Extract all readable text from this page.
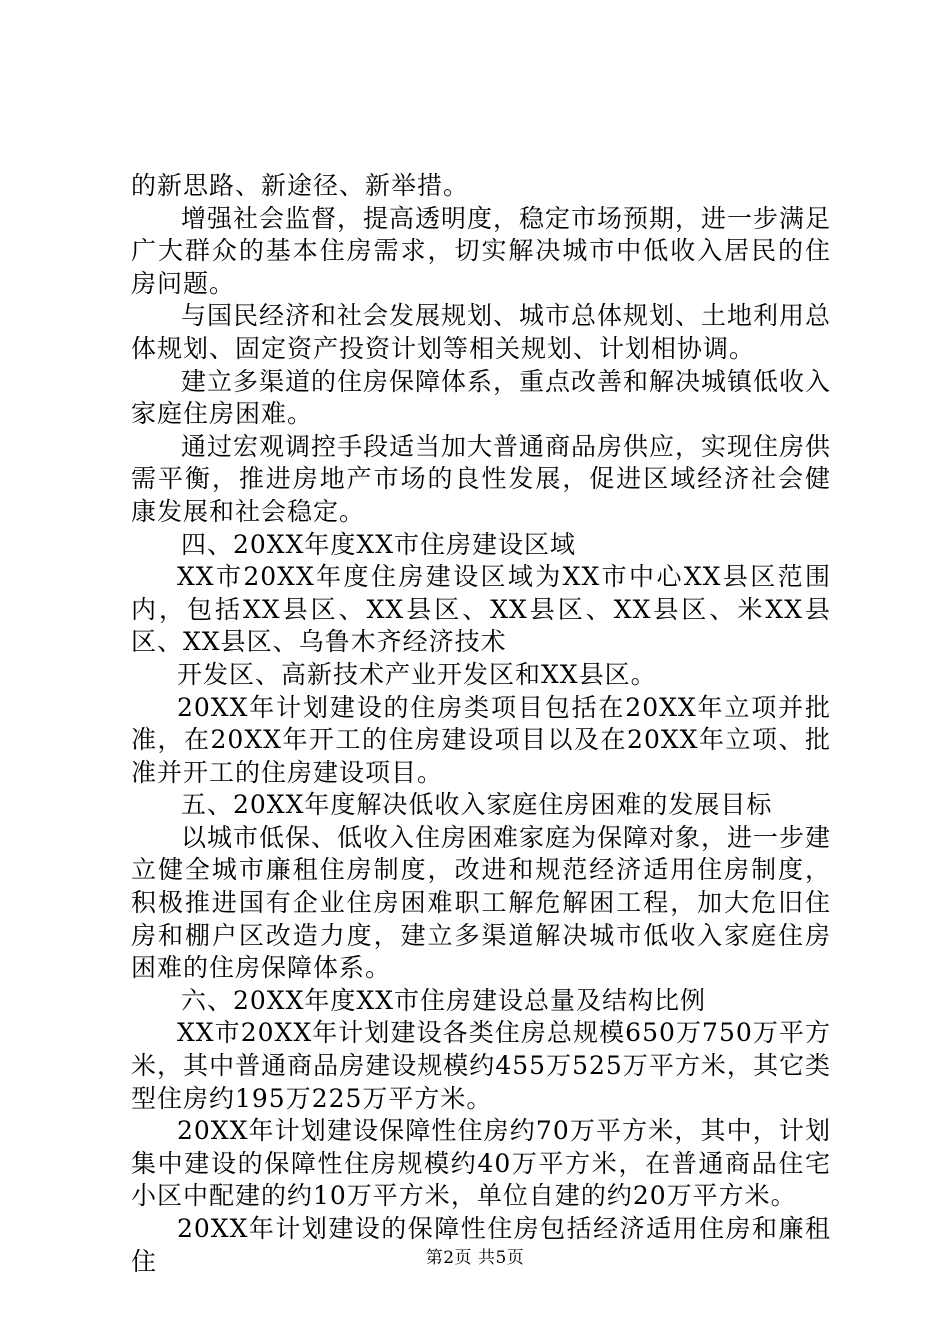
的新思路、新途径、新举措。

增强社会监督，提高透明度，稳定市场预期，进一步满足广大群众的基本住房需求，切实解决城市中低收入居民的住房问题。

与国民经济和社会发展规划、城市总体规划、土地利用总体规划、固定资产投资计划等相关规划、计划相协调。

建立多渠道的住房保障体系，重点改善和解决城镇低收入家庭住房困难。

通过宏观调控手段适当加大普通商品房供应，实现住房供需平衡，推进房地产市场的良性发展，促进区域经济社会健康发展和社会稳定。

四、20XX年度XX市住房建设区域

XX市20XX年度住房建设区域为XX市中心XX县区范围内，包括XX县区、XX县区、XX县区、XX县区、米XX县区、XX县区、乌鲁木齐经济技术

开发区、高新技术产业开发区和XX县区。

20XX年计划建设的住房类项目包括在20XX年立项并批准，在20XX年开工的住房建设项目以及在20XX年立项、批准并开工的住房建设项目。

五、20XX年度解决低收入家庭住房困难的发展目标

以城市低保、低收入住房困难家庭为保障对象，进一步建立健全城市廉租住房制度，改进和规范经济适用住房制度，积极推进国有企业住房困难职工解危解困工程，加大危旧住房和棚户区改造力度，建立多渠道解决城市低收入家庭住房困难的住房保障体系。

六、20XX年度XX市住房建设总量及结构比例

XX市20XX年计划建设各类住房总规模650万750万平方米，其中普通商品房建设规模约455万525万平方米，其它类型住房约195万225万平方米。

20XX年计划建设保障性住房约70万平方米，其中，计划集中建设的保障性住房规模约40万平方米，在普通商品住宅小区中配建的约10万平方米，单位自建的约20万平方米。

20XX年计划建设的保障性住房包括经济适用住房和廉租住	第2页 共5页
